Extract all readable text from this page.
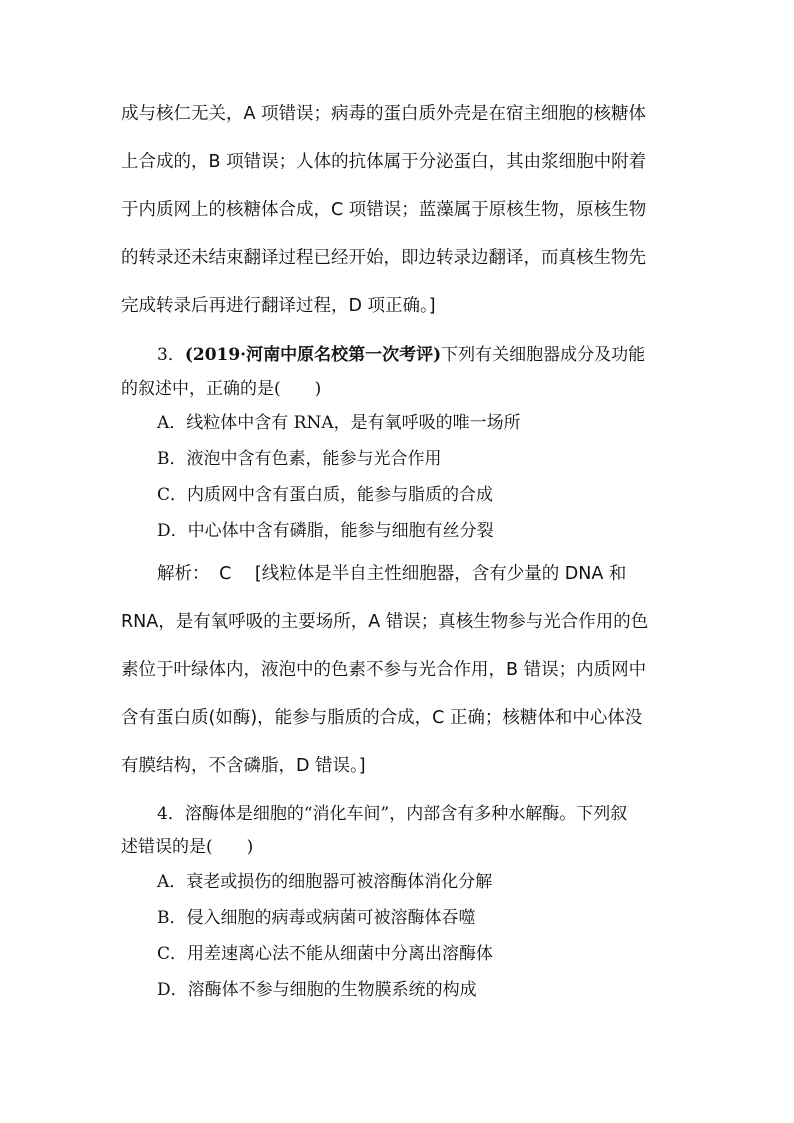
成与核仁无关，A 项错误；病毒的蛋白质外壳是在宿主细胞的核糖体
上合成的，B 项错误；人体的抗体属于分泌蛋白，其由浆细胞中附着
于内质网上的核糖体合成，C 项错误；蓝藻属于原核生物，原核生物
的转录还未结束翻译过程已经开始，即边转录边翻译，而真核生物先
完成转录后再进行翻译过程，D 项正确。]
3．(2019·河南中原名校第一次考评)下列有关细胞器成分及功能
的叙述中，正确的是(　　)
A．线粒体中含有 RNA，是有氧呼吸的唯一场所
B．液泡中含有色素，能参与光合作用
C．内质网中含有蛋白质，能参与脂质的合成
D．中心体中含有磷脂，能参与细胞有丝分裂
解析： C [线粒体是半自主性细胞器，含有少量的 DNA 和
RNA，是有氧呼吸的主要场所，A 错误；真核生物参与光合作用的色
素位于叶绿体内，液泡中的色素不参与光合作用，B 错误；内质网中
含有蛋白质(如酶)，能参与脂质的合成，C 正确；核糖体和中心体没
有膜结构，不含磷脂，D 错误。]
4．溶酶体是细胞的“消化车间”，内部含有多种水解酶。下列叙
述错误的是(　　)
A．衰老或损伤的细胞器可被溶酶体消化分解
B．侵入细胞的病毒或病菌可被溶酶体吞噬
C．用差速离心法不能从细菌中分离出溶酶体
D．溶酶体不参与细胞的生物膜系统的构成
